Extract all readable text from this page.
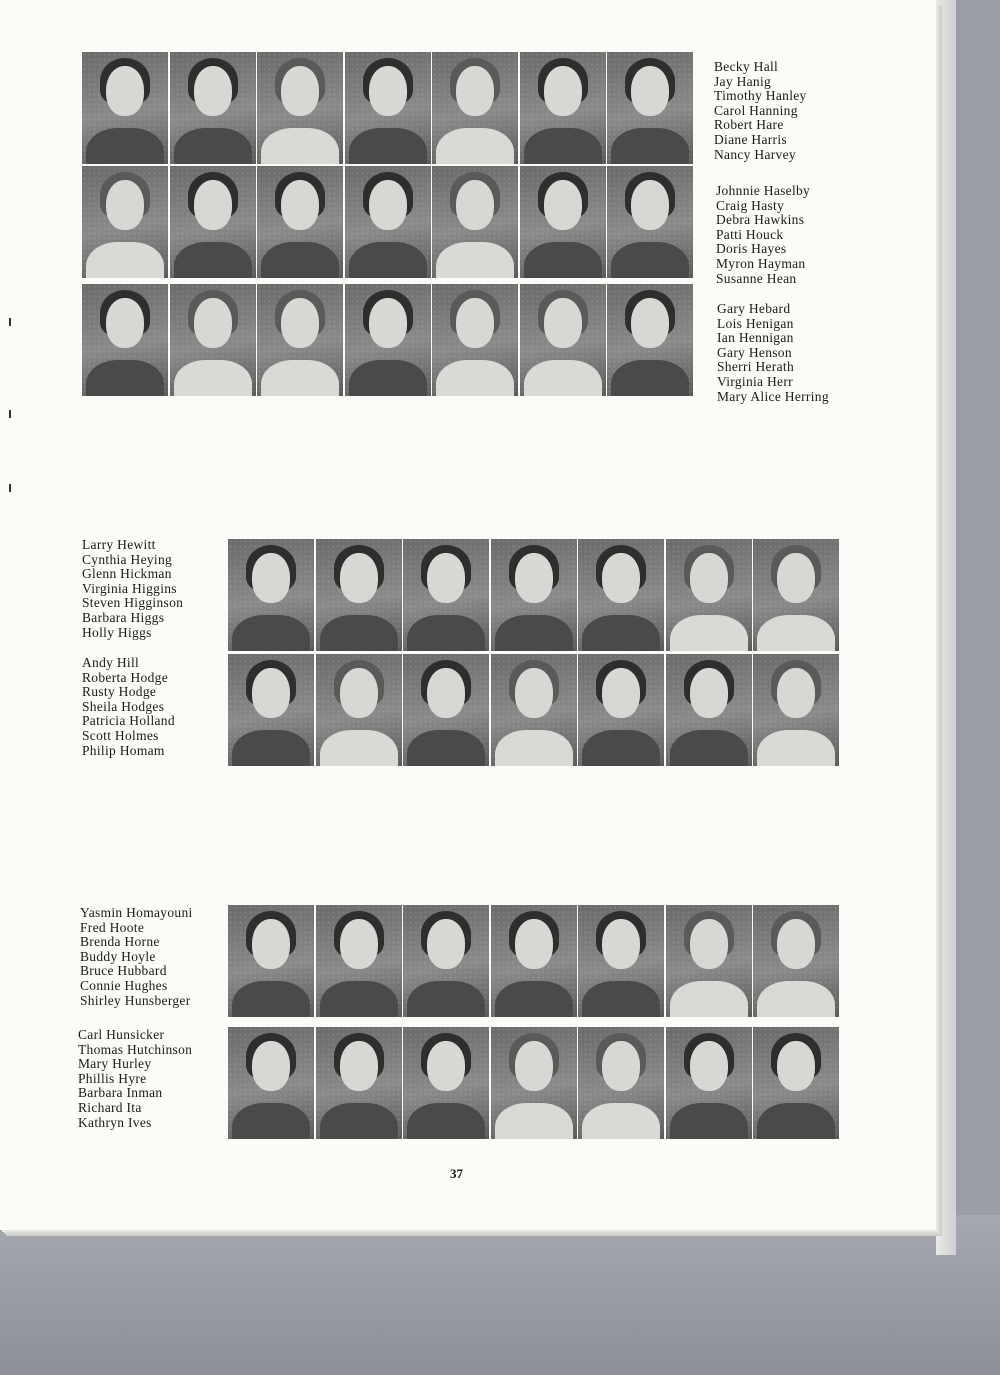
Becky Hall
Jay Hanig
Timothy Hanley
Carol Hanning
Robert Hare
Diane Harris
Nancy Harvey
Johnnie Haselby
Craig Hasty
Debra Hawkins
Patti Houck
Doris Hayes
Myron Hayman
Susanne Hean
Gary Hebard
Lois Henigan
Ian Hennigan
Gary Henson
Sherri Herath
Virginia Herr
Mary Alice Herring
Larry Hewitt
Cynthia Heying
Glenn Hickman
Virginia Higgins
Steven Higginson
Barbara Higgs
Holly Higgs
Andy Hill
Roberta Hodge
Rusty Hodge
Sheila Hodges
Patricia Holland
Scott Holmes
Philip Homam
Yasmin Homayouni
Fred Hoote
Brenda Horne
Buddy Hoyle
Bruce Hubbard
Connie Hughes
Shirley Hunsberger
Carl Hunsicker
Thomas Hutchinson
Mary Hurley
Phillis Hyre
Barbara Inman
Richard Ita
Kathryn Ives
37
